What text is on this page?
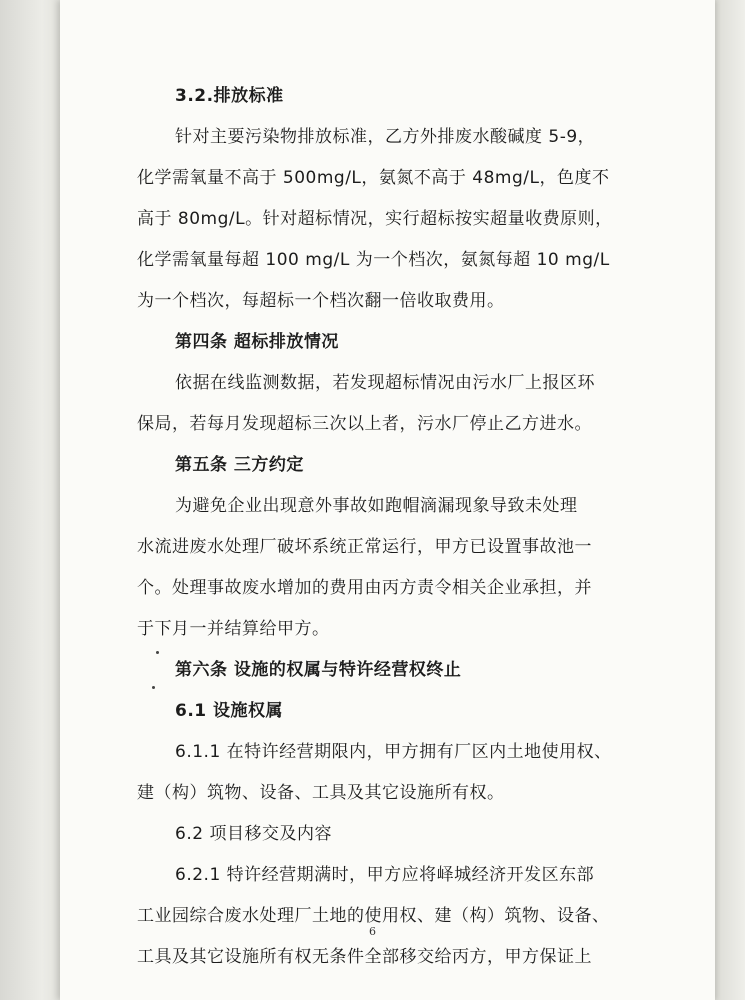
3.2.排放标准
针对主要污染物排放标准，乙方外排废水酸碱度 5-9，
化学需氧量不高于 500mg/L，氨氮不高于 48mg/L，色度不
高于 80mg/L。针对超标情况，实行超标按实超量收费原则，
化学需氧量每超 100 mg/L 为一个档次，氨氮每超 10 mg/L
为一个档次，每超标一个档次翻一倍收取费用。
第四条 超标排放情况
依据在线监测数据，若发现超标情况由污水厂上报区环
保局，若每月发现超标三次以上者，污水厂停止乙方进水。
第五条 三方约定
为避免企业出现意外事故如跑帽滴漏现象导致未处理
水流进废水处理厂破坏系统正常运行，甲方已设置事故池一
个。处理事故废水增加的费用由丙方责令相关企业承担，并
于下月一并结算给甲方。
第六条 设施的权属与特许经营权终止
6.1 设施权属
6.1.1 在特许经营期限内，甲方拥有厂区内土地使用权、
建（构）筑物、设备、工具及其它设施所有权。
6.2 项目移交及内容
6.2.1 特许经营期满时，甲方应将峄城经济开发区东部
工业园综合废水处理厂土地的使用权、建（构）筑物、设备、
工具及其它设施所有权无条件全部移交给丙方，甲方保证上
6
